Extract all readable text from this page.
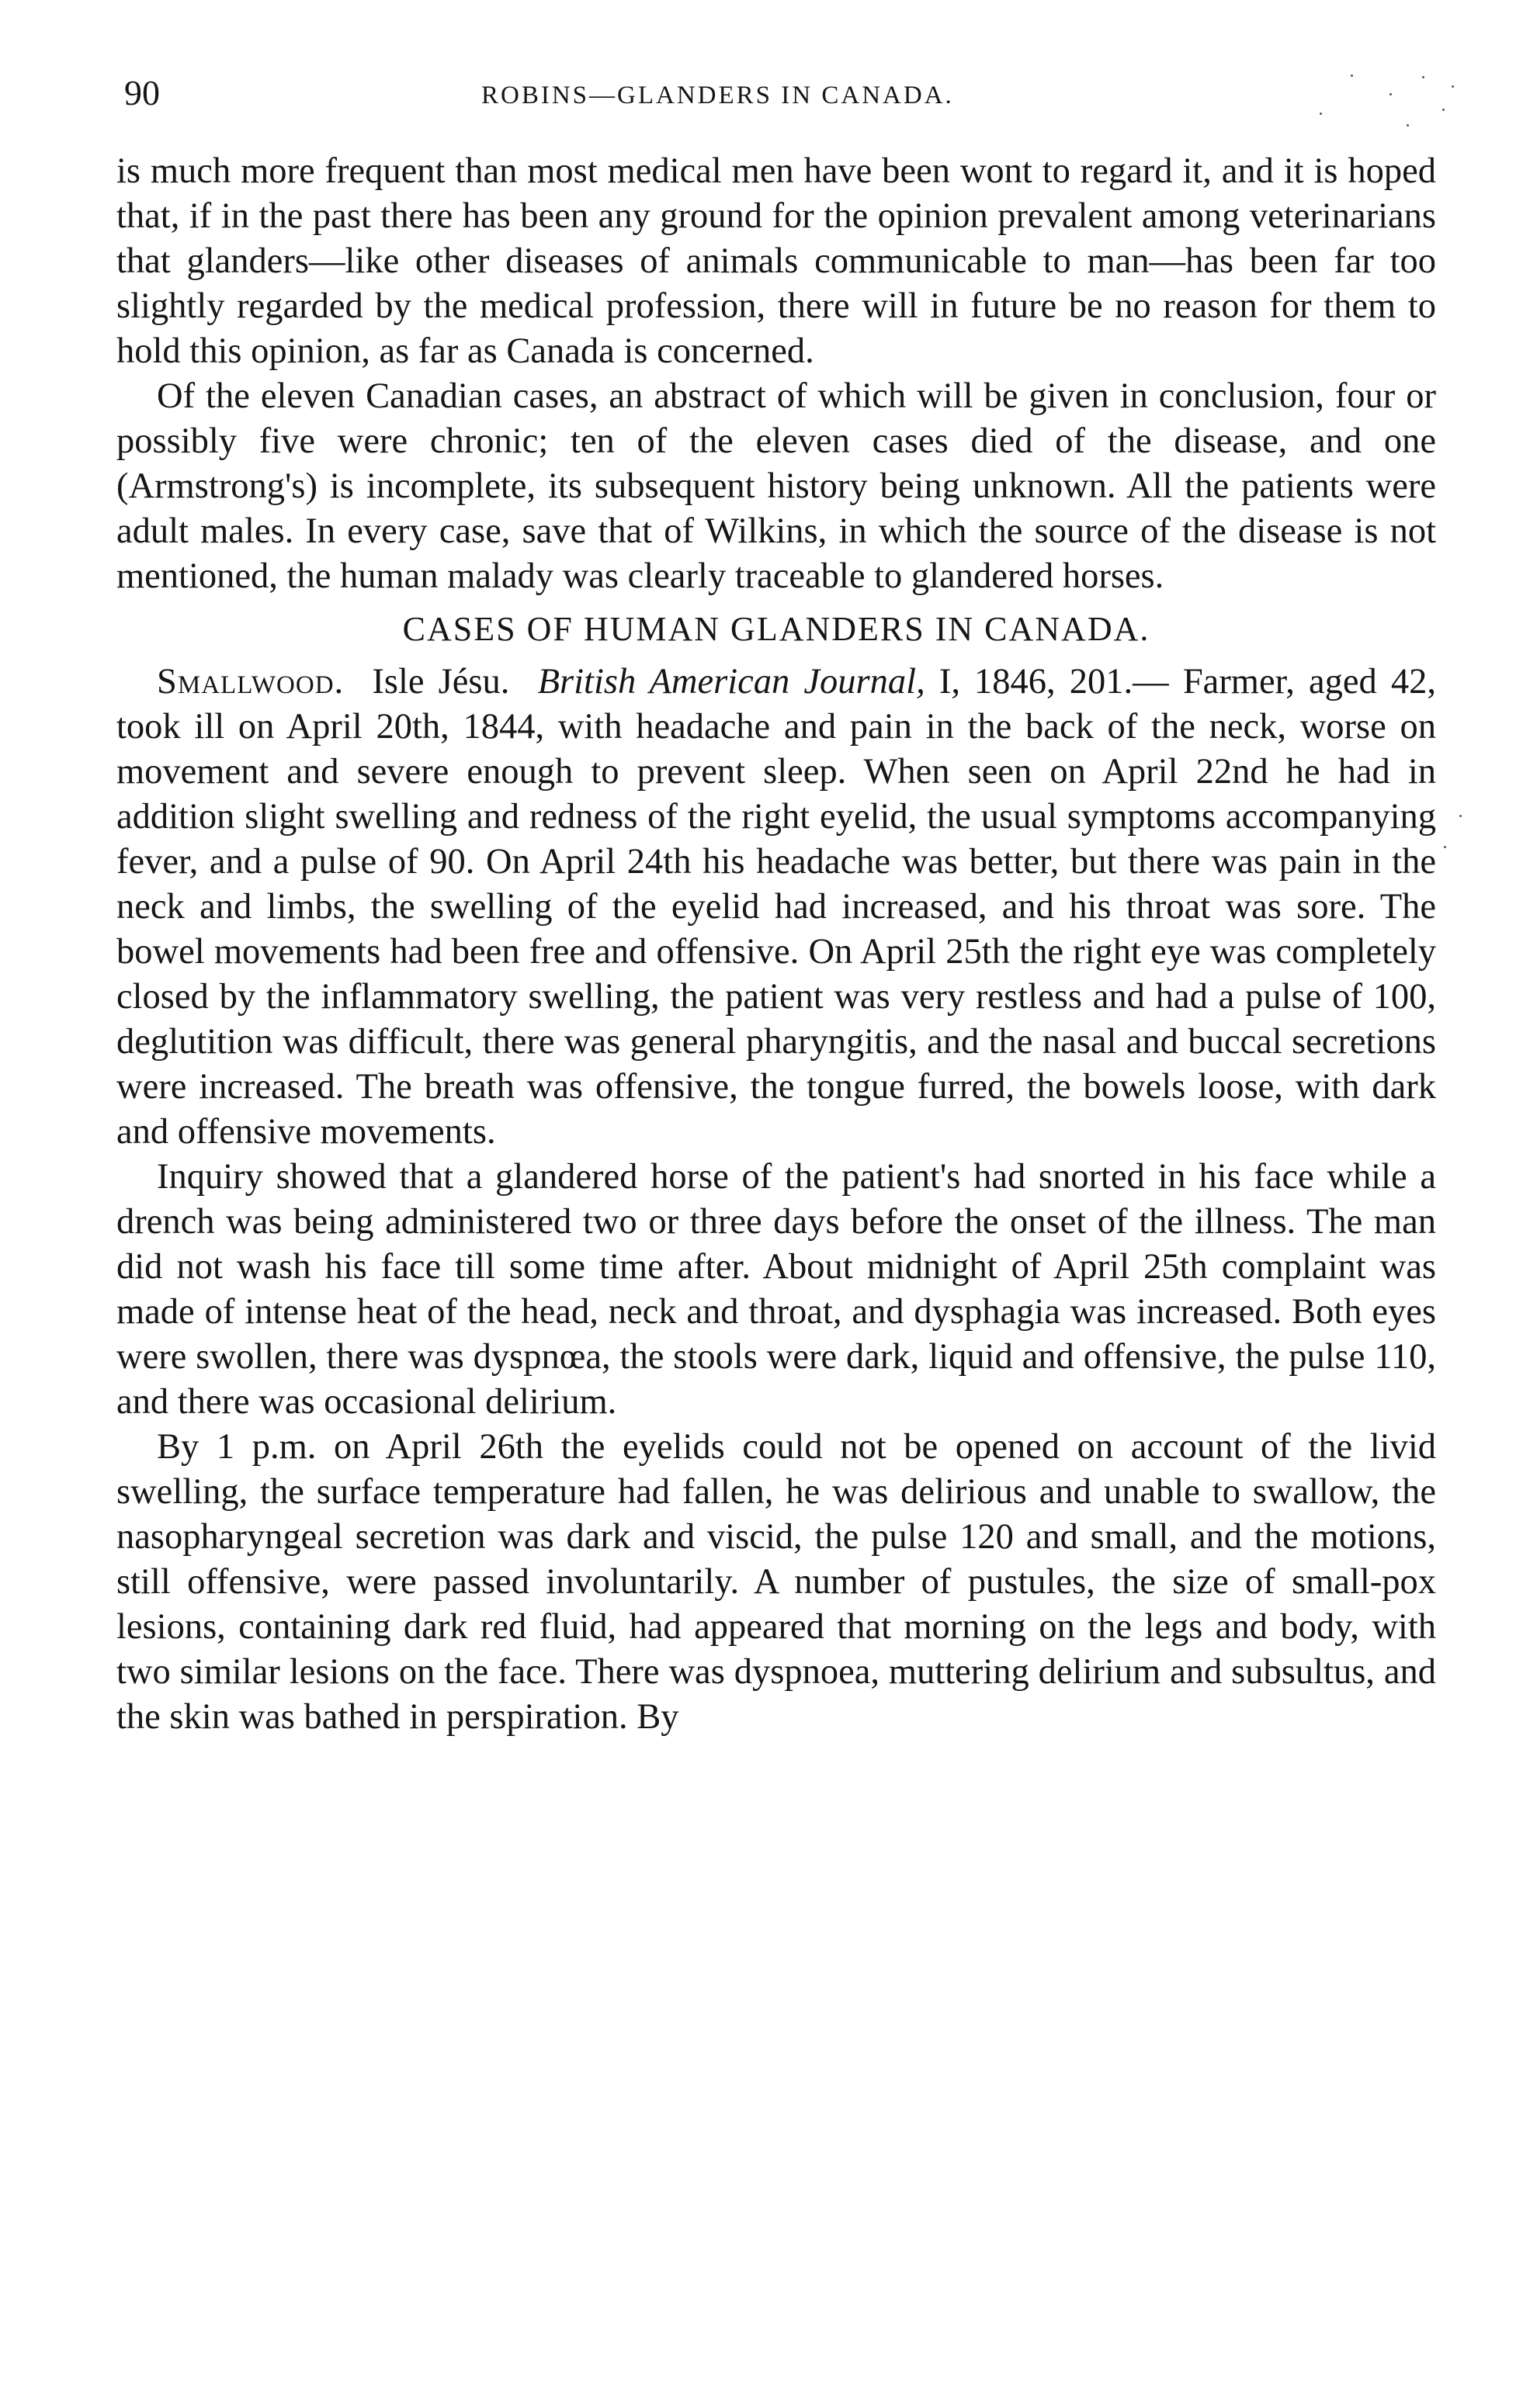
90	ROBINS—GLANDERS IN CANADA.

is much more frequent than most medical men have been wont to regard it, and it is hoped that, if in the past there has been any ground for the opinion prevalent among veterinarians that glanders—like other diseases of animals communicable to man—has been far too slightly regarded by the medical profession, there will in future be no reason for them to hold this opinion, as far as Canada is concerned.

Of the eleven Canadian cases, an abstract of which will be given in conclusion, four or possibly five were chronic; ten of the eleven cases died of the disease, and one (Armstrong's) is incomplete, its subsequent history being unknown. All the patients were adult males. In every case, save that of Wilkins, in which the source of the disease is not mentioned, the human malady was clearly traceable to glandered horses.

CASES OF HUMAN GLANDERS IN CANADA.

Smallwood. Isle Jésu. British American Journal, I, 1846, 201.— Farmer, aged 42, took ill on April 20th, 1844, with headache and pain in the back of the neck, worse on movement and severe enough to prevent sleep. When seen on April 22nd he had in addition slight swelling and redness of the right eyelid, the usual symptoms accompanying fever, and a pulse of 90. On April 24th his headache was better, but there was pain in the neck and limbs, the swelling of the eyelid had increased, and his throat was sore. The bowel movements had been free and offensive. On April 25th the right eye was completely closed by the inflammatory swelling, the patient was very restless and had a pulse of 100, deglutition was difficult, there was general pharyngitis, and the nasal and buccal secretions were increased. The breath was offensive, the tongue furred, the bowels loose, with dark and offensive movements.

Inquiry showed that a glandered horse of the patient's had snorted in his face while a drench was being administered two or three days before the onset of the illness. The man did not wash his face till some time after. About midnight of April 25th complaint was made of intense heat of the head, neck and throat, and dysphagia was increased. Both eyes were swollen, there was dyspnœa, the stools were dark, liquid and offensive, the pulse 110, and there was occasional delirium.

By 1 p.m. on April 26th the eyelids could not be opened on account of the livid swelling, the surface temperature had fallen, he was delirious and unable to swallow, the nasopharyngeal secretion was dark and viscid, the pulse 120 and small, and the motions, still offensive, were passed involuntarily. A number of pustules, the size of small-pox lesions, containing dark red fluid, had appeared that morning on the legs and body, with two similar lesions on the face. There was dyspnoea, muttering delirium and subsultus, and the skin was bathed in perspiration. By
